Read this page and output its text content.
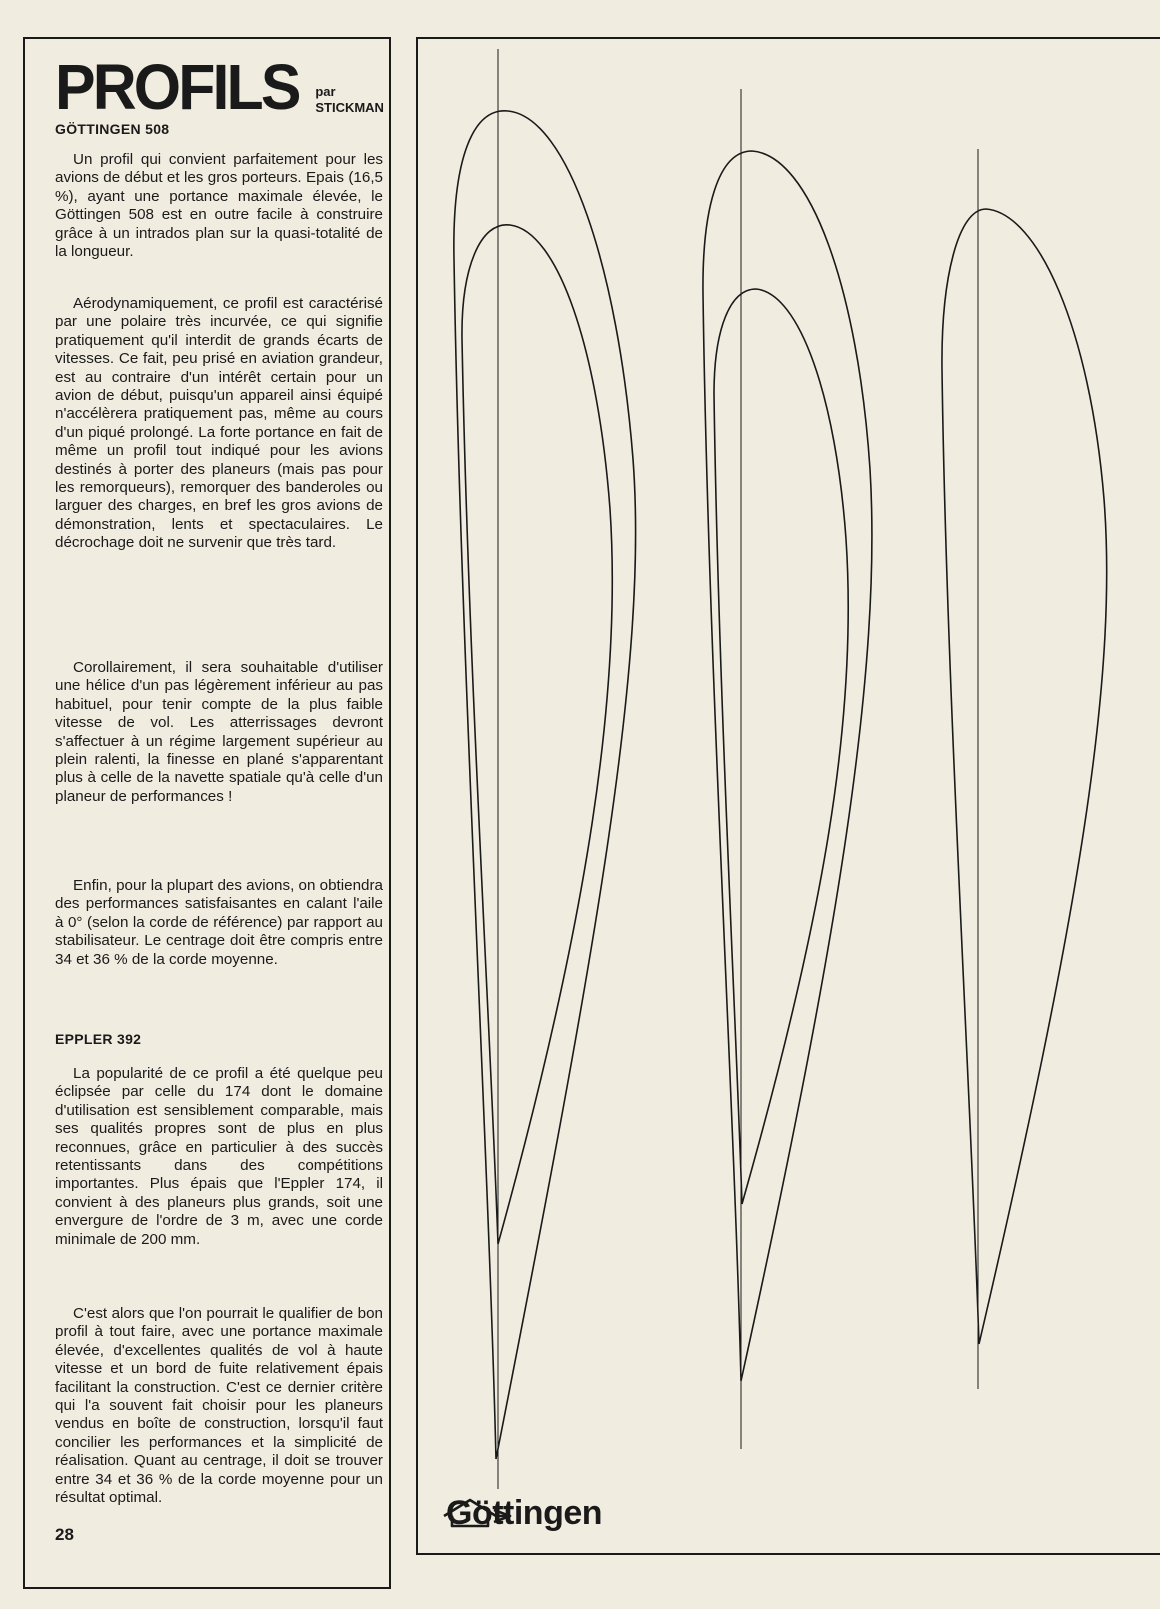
PROFILS par
STICKMAN
GÖTTINGEN 508

Un profil qui convient parfaitement pour les avions de début et les gros porteurs. Epais (16,5 %), ayant une portance maximale élevée, le Göttingen 508 est en outre facile à construire grâce à un intrados plan sur la quasi-totalité de la longueur.

Aérodynamiquement, ce profil est caractérisé par une polaire très incurvée, ce qui signifie pratiquement qu'il interdit de grands écarts de vitesses. Ce fait, peu prisé en aviation grandeur, est au contraire d'un intérêt certain pour un avion de début, puisqu'un appareil ainsi équipé n'accélèrera pratiquement pas, même au cours d'un piqué prolongé. La forte portance en fait de même un profil tout indiqué pour les avions destinés à porter des planeurs (mais pas pour les remorqueurs), remorquer des banderoles ou larguer des charges, en bref les gros avions de démonstration, lents et spectaculaires. Le décrochage doit ne survenir que très tard.

Corollairement, il sera souhaitable d'utiliser une hélice d'un pas légèrement inférieur au pas habituel, pour tenir compte de la plus faible vitesse de vol. Les atterrissages devront s'affectuer à un régime largement supérieur au plein ralenti, la finesse en plané s'apparentant plus à celle de la navette spatiale qu'à celle d'un planeur de performances !

Enfin, pour la plupart des avions, on obtiendra des performances satisfaisantes en calant l'aile à 0° (selon la corde de référence) par rapport au stabilisateur. Le centrage doit être compris entre 34 et 36 % de la corde moyenne.

EPPLER 392

La popularité de ce profil a été quelque peu éclipsée par celle du 174 dont le domaine d'utilisation est sensiblement comparable, mais ses qualités propres sont de plus en plus reconnues, grâce en particulier à des succès retentissants dans des compétitions importantes. Plus épais que l'Eppler 174, il convient à des planeurs plus grands, soit une envergure de l'ordre de 3 m, avec une corde minimale de 200 mm.

C'est alors que l'on pourrait le qualifier de bon profil à tout faire, avec une portance maximale élevée, d'excellentes qualités de vol à haute vitesse et un bord de fuite relativement épais facilitant la construction. C'est ce dernier critère qui l'a souvent fait choisir pour les planeurs vendus en boîte de construction, lorsqu'il faut concilier les performances et la simplicité de réalisation. Quant au centrage, il doit se trouver entre 34 et 36 % de la corde moyenne pour un résultat optimal.

28
Göttingen
